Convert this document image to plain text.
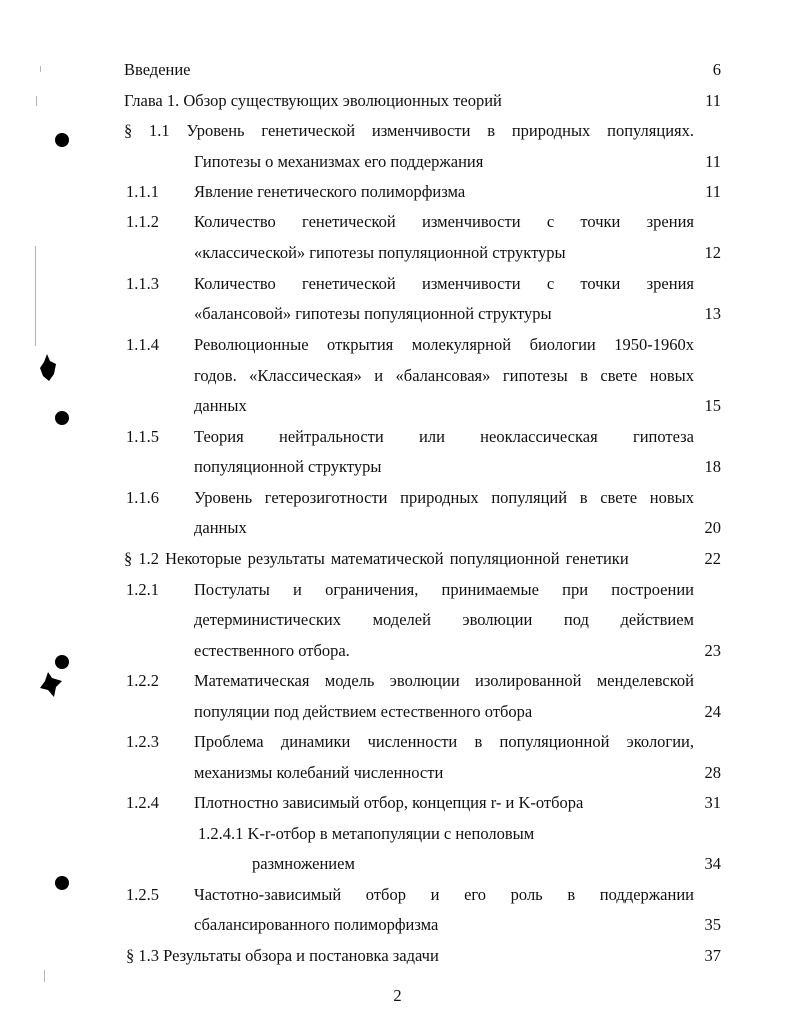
Введение	6
Глава 1. Обзор существующих эволюционных теорий	11
§ 1.1 Уровень генетической изменчивости в природных популяциях.
Гипотезы о механизмах его поддержания	11
1.1.1 Явление генетического полиморфизма	11
1.1.2 Количество генетической изменчивости с точки зрения
«классической» гипотезы популяционной структуры	12
1.1.3 Количество генетической изменчивости с точки зрения
«балансовой» гипотезы популяционной структуры	13
1.1.4 Революционные открытия молекулярной биологии 1950-1960х
годов. «Классическая» и «балансовая» гипотезы в свете новых
данных	15
1.1.5 Теория нейтральности или неоклассическая гипотеза
популяционной структуры	18
1.1.6 Уровень гетерозиготности природных популяций в свете новых
данных	20
§ 1.2 Некоторые результаты математической популяционной генетики	22
1.2.1 Постулаты и ограничения, принимаемые при построении
детерминистических моделей эволюции под действием
естественного отбора.	23
1.2.2 Математическая модель эволюции изолированной менделевской
популяции под действием естественного отбора	24
1.2.3 Проблема динамики численности в популяционной экологии,
механизмы колебаний численности	28
1.2.4 Плотностно зависимый отбор, концепция r- и K-отбора	31
1.2.4.1 K-r-отбор в метапопуляции с неполовым
размножением	34
1.2.5 Частотно-зависимый отбор и его роль в поддержании
сбалансированного полиморфизма	35
§ 1.3 Результаты обзора и постановка задачи	37
2
